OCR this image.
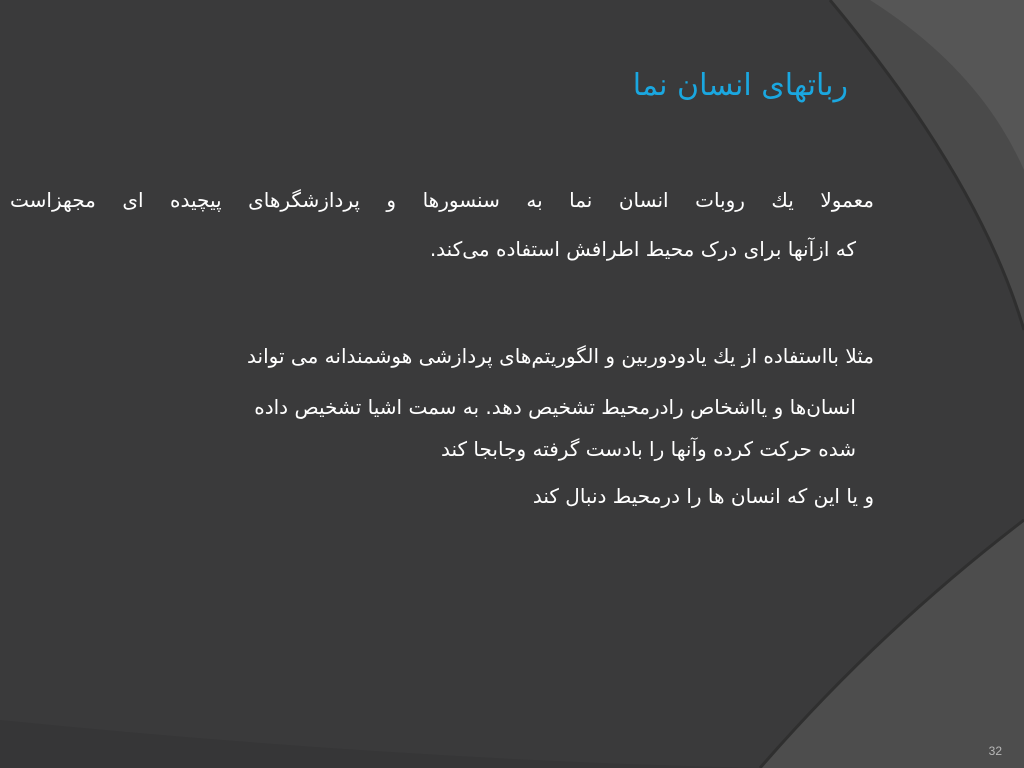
رباتهای انسان نما
معمولا یك روبات انسان نما به سنسورها و پردازشگرهای پیچیده ای مجهزاست
که ازآنها برای درک محیط اطرافش استفاده می‌کند.
مثلا بااستفاده از یك یادودوربین و الگوریتم‌های پردازشی هوشمندانه می تواند
انسان‌ها و یااشخاص رادرمحیط تشخیص دهد. به سمت اشیا تشخیص داده
شده حرکت کرده وآنها را بادست گرفته وجابجا کند
و یا این که انسان ها را درمحیط دنبال کند
32
